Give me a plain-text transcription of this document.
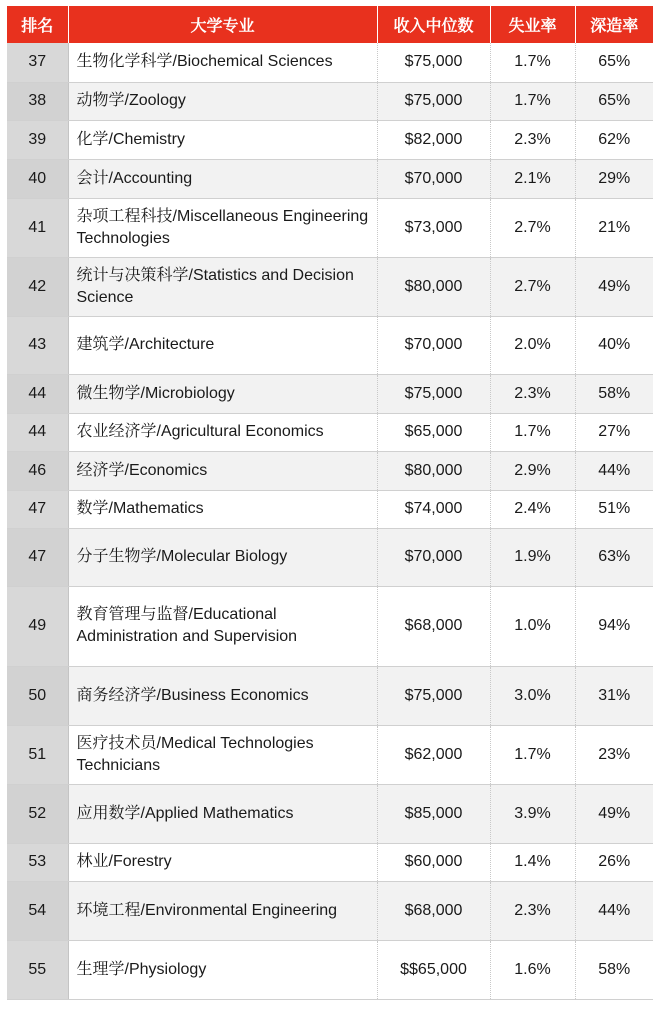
排名	大学专业	收入中位数	失业率	深造率
37	生物化学科学/Biochemical Sciences	$75,000	1.7%	65%
38	动物学/Zoology	$75,000	1.7%	65%
39	化学/Chemistry	$82,000	2.3%	62%
40	会计/Accounting	$70,000	2.1%	29%
41	杂项工程科技/Miscellaneous Engineering Technologies	$73,000	2.7%	21%
42	统计与决策科学/Statistics and Decision Science	$80,000	2.7%	49%
43	建筑学/Architecture	$70,000	2.0%	40%
44	微生物学/Microbiology	$75,000	2.3%	58%
44	农业经济学/Agricultural Economics	$65,000	1.7%	27%
46	经济学/Economics	$80,000	2.9%	44%
47	数学/Mathematics	$74,000	2.4%	51%
47	分子生物学/Molecular Biology	$70,000	1.9%	63%
49	教育管理与监督/Educational Administration and Supervision	$68,000	1.0%	94%
50	商务经济学/Business Economics	$75,000	3.0%	31%
51	医疗技术员/Medical Technologies Technicians	$62,000	1.7%	23%
52	应用数学/Applied Mathematics	$85,000	3.9%	49%
53	林业/Forestry	$60,000	1.4%	26%
54	环境工程/Environmental Engineering	$68,000	2.3%	44%
55	生理学/Physiology	$$65,000	1.6%	58%
